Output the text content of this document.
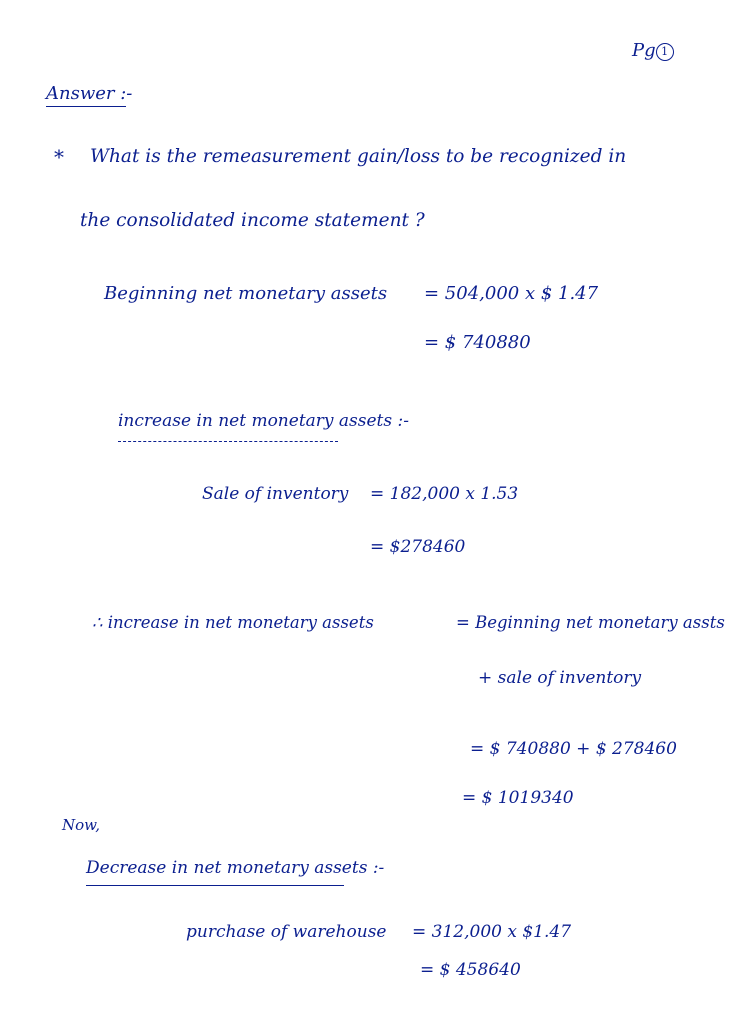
Pg 1
Answer :-
* What is the remeasurement gain/loss to be recognized in
the consolidated income statement ?
Beginning net monetary assets = 504,000 x $ 1.47
= $ 740880
increase in net monetary assets :-
Sale of inventory = 182,000 x 1.53
= $278460
∴ increase in net monetary assets	= Beginning net monetary assts
+ sale of inventory
= $ 740880 + $ 278460
= $ 1019340
Now,
Decrease in net monetary assets :-
purchase of warehouse = 312,000 x $1.47
= $ 458640
